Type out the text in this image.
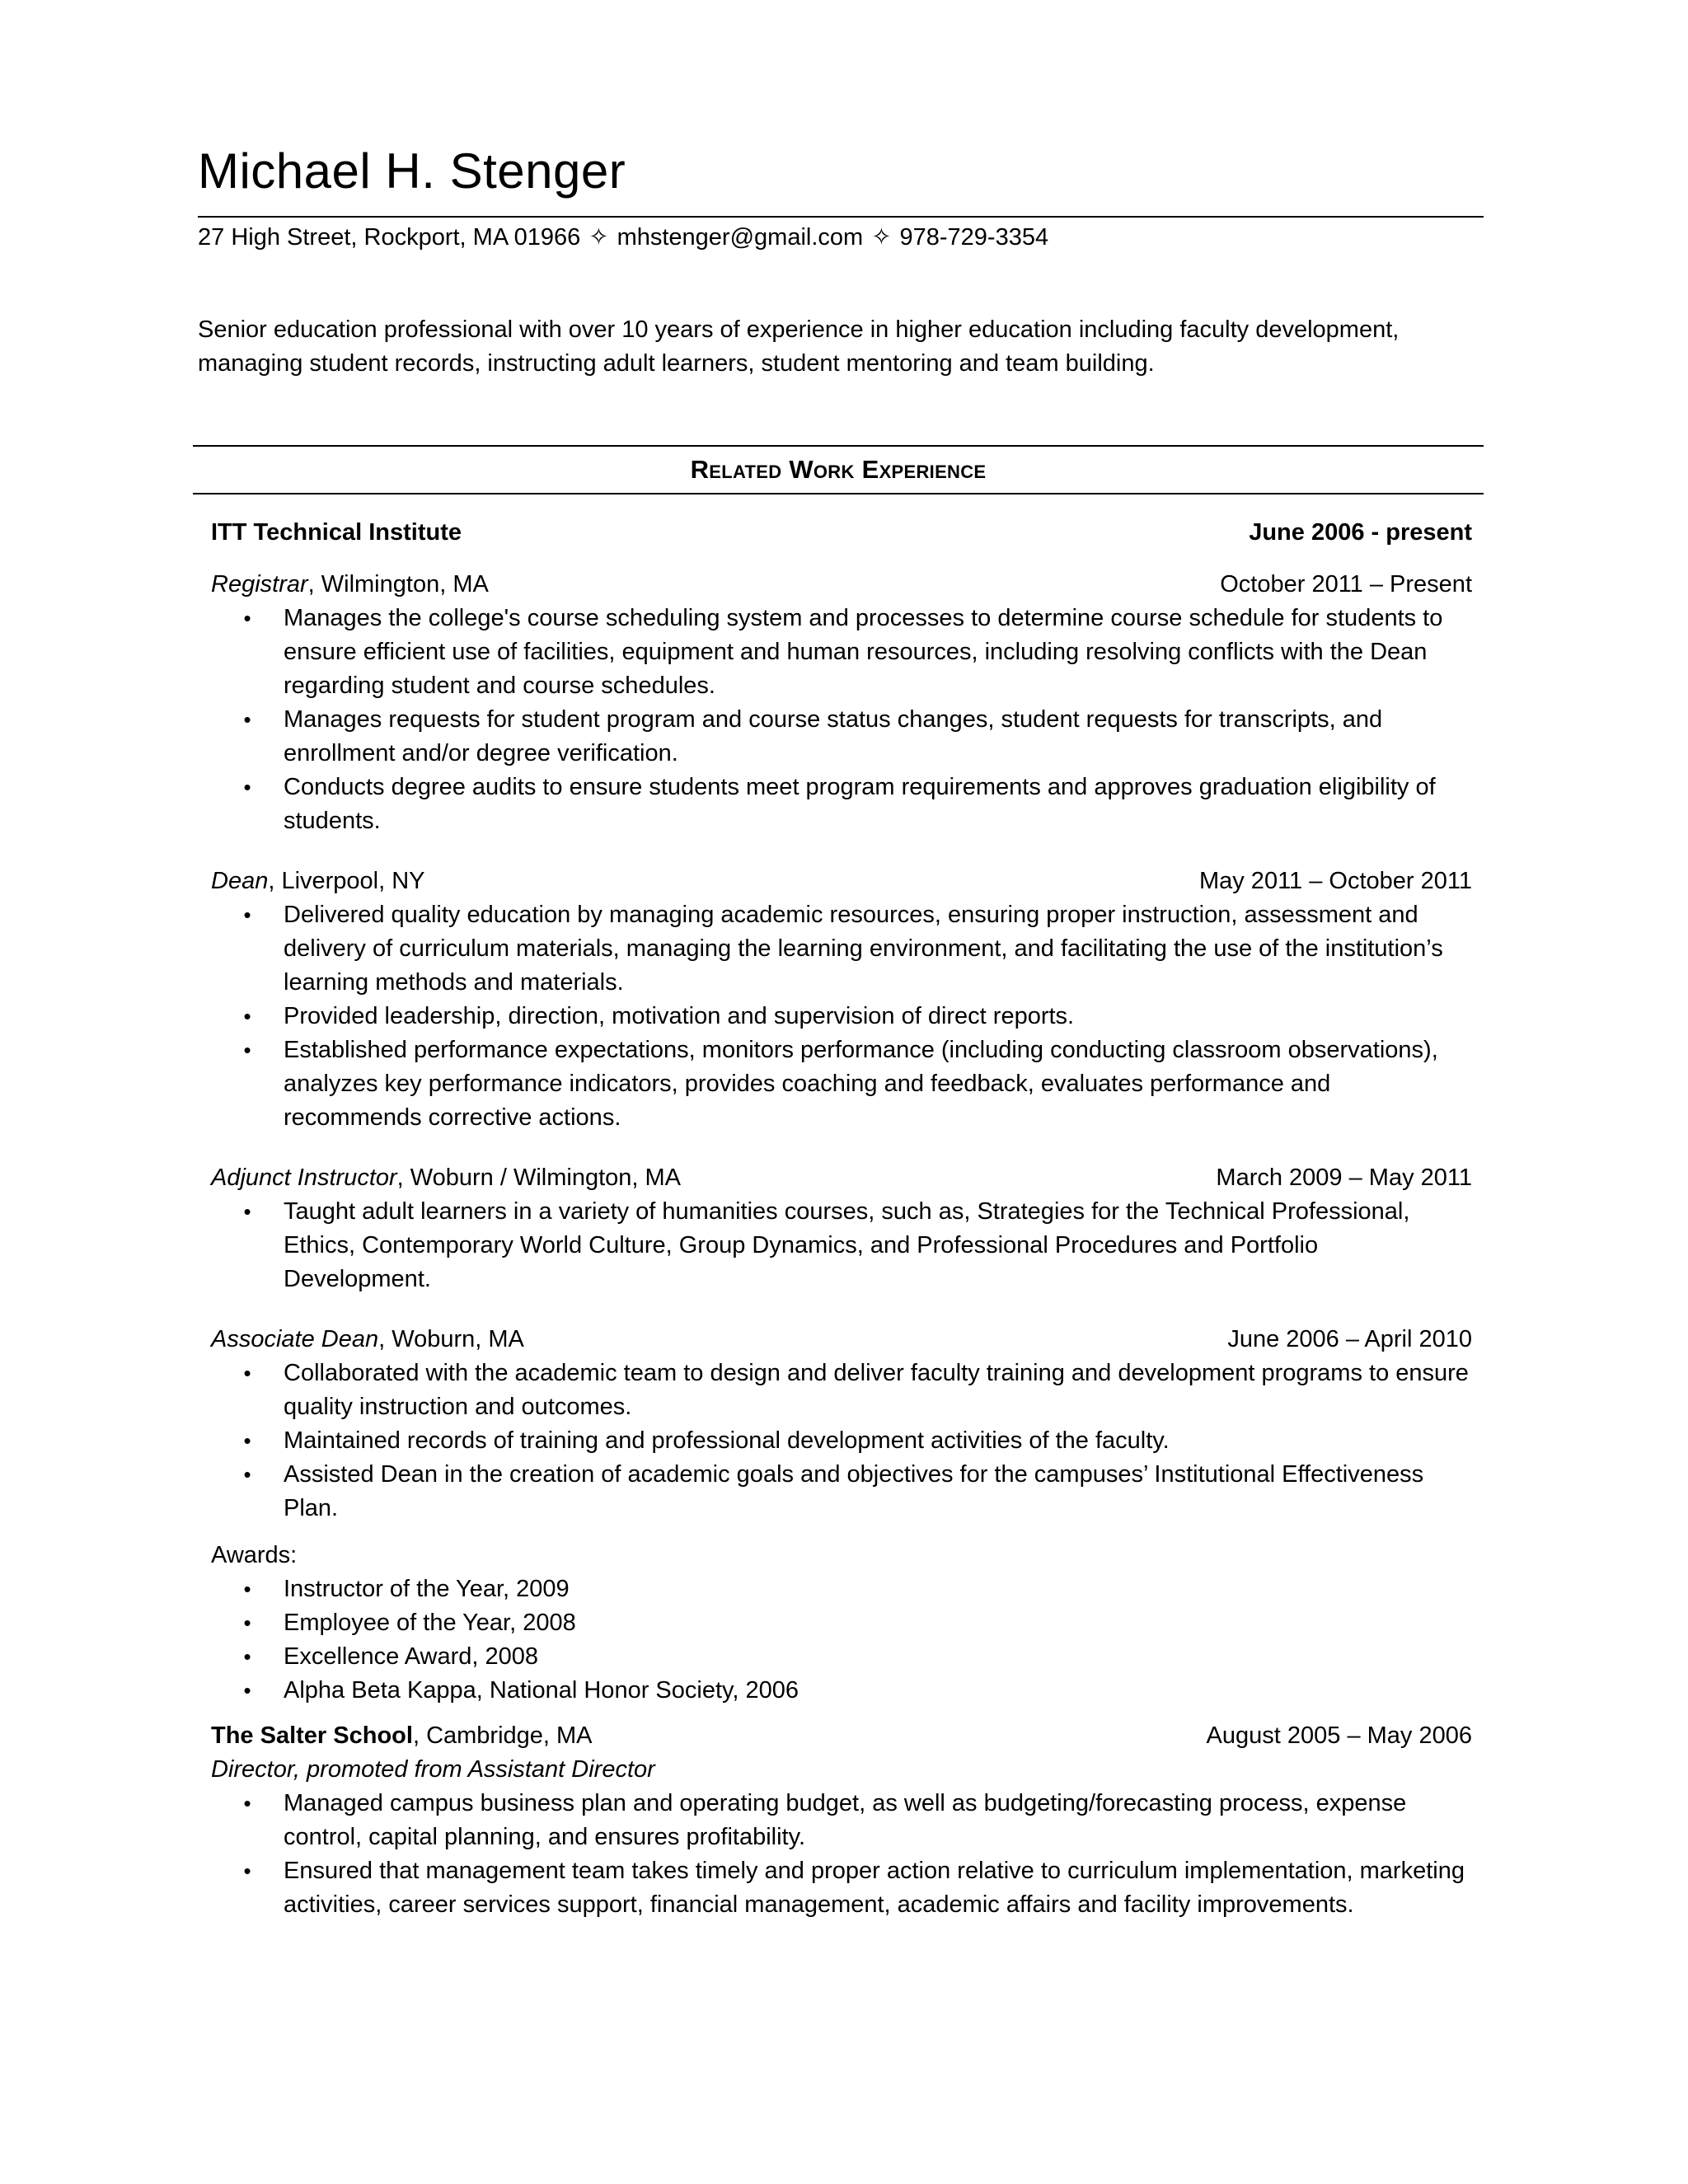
Michael H. Stenger
27 High Street, Rockport, MA 01966 ✧ mhstenger@gmail.com ✧ 978-729-3354

Senior education professional with over 10 years of experience in higher education including faculty development,

managing student records, instructing adult learners, student mentoring and team building.

Related Work Experience
ITT Technical Institute	June 2006 - present
Registrar, Wilmington, MA	October 2011 – Present
• Manages the college's course scheduling system and processes to determine course schedule for students to ensure efficient use of facilities, equipment and human resources, including resolving conflicts with the Dean regarding student and course schedules.
• Manages requests for student program and course status changes, student requests for transcripts, and enrollment and/or degree verification.
• Conducts degree audits to ensure students meet program requirements and approves graduation eligibility of students.
Dean, Liverpool, NY	May 2011 – October 2011
• Delivered quality education by managing academic resources, ensuring proper instruction, assessment and delivery of curriculum materials, managing the learning environment, and facilitating the use of the institution’s learning methods and materials.
• Provided leadership, direction, motivation and supervision of direct reports.
• Established performance expectations, monitors performance (including conducting classroom observations), analyzes key performance indicators, provides coaching and feedback, evaluates performance and recommends corrective actions.
Adjunct Instructor, Woburn / Wilmington, MA	March 2009 – May 2011
• Taught adult learners in a variety of humanities courses, such as, Strategies for the Technical Professional, Ethics, Contemporary World Culture, Group Dynamics, and Professional Procedures and Portfolio Development.
Associate Dean, Woburn, MA	June 2006 – April 2010
• Collaborated with the academic team to design and deliver faculty training and development programs to ensure quality instruction and outcomes.
• Maintained records of training and professional development activities of the faculty.
• Assisted Dean in the creation of academic goals and objectives for the campuses’ Institutional Effectiveness Plan.
Awards:
• Instructor of the Year, 2009
• Employee of the Year, 2008
• Excellence Award, 2008
• Alpha Beta Kappa, National Honor Society, 2006
The Salter School, Cambridge, MA	August 2005 – May 2006
Director, promoted from Assistant Director
• Managed campus business plan and operating budget, as well as budgeting/forecasting process, expense control, capital planning, and ensures profitability.
• Ensured that management team takes timely and proper action relative to curriculum implementation, marketing activities, career services support, financial management, academic affairs and facility improvements.
